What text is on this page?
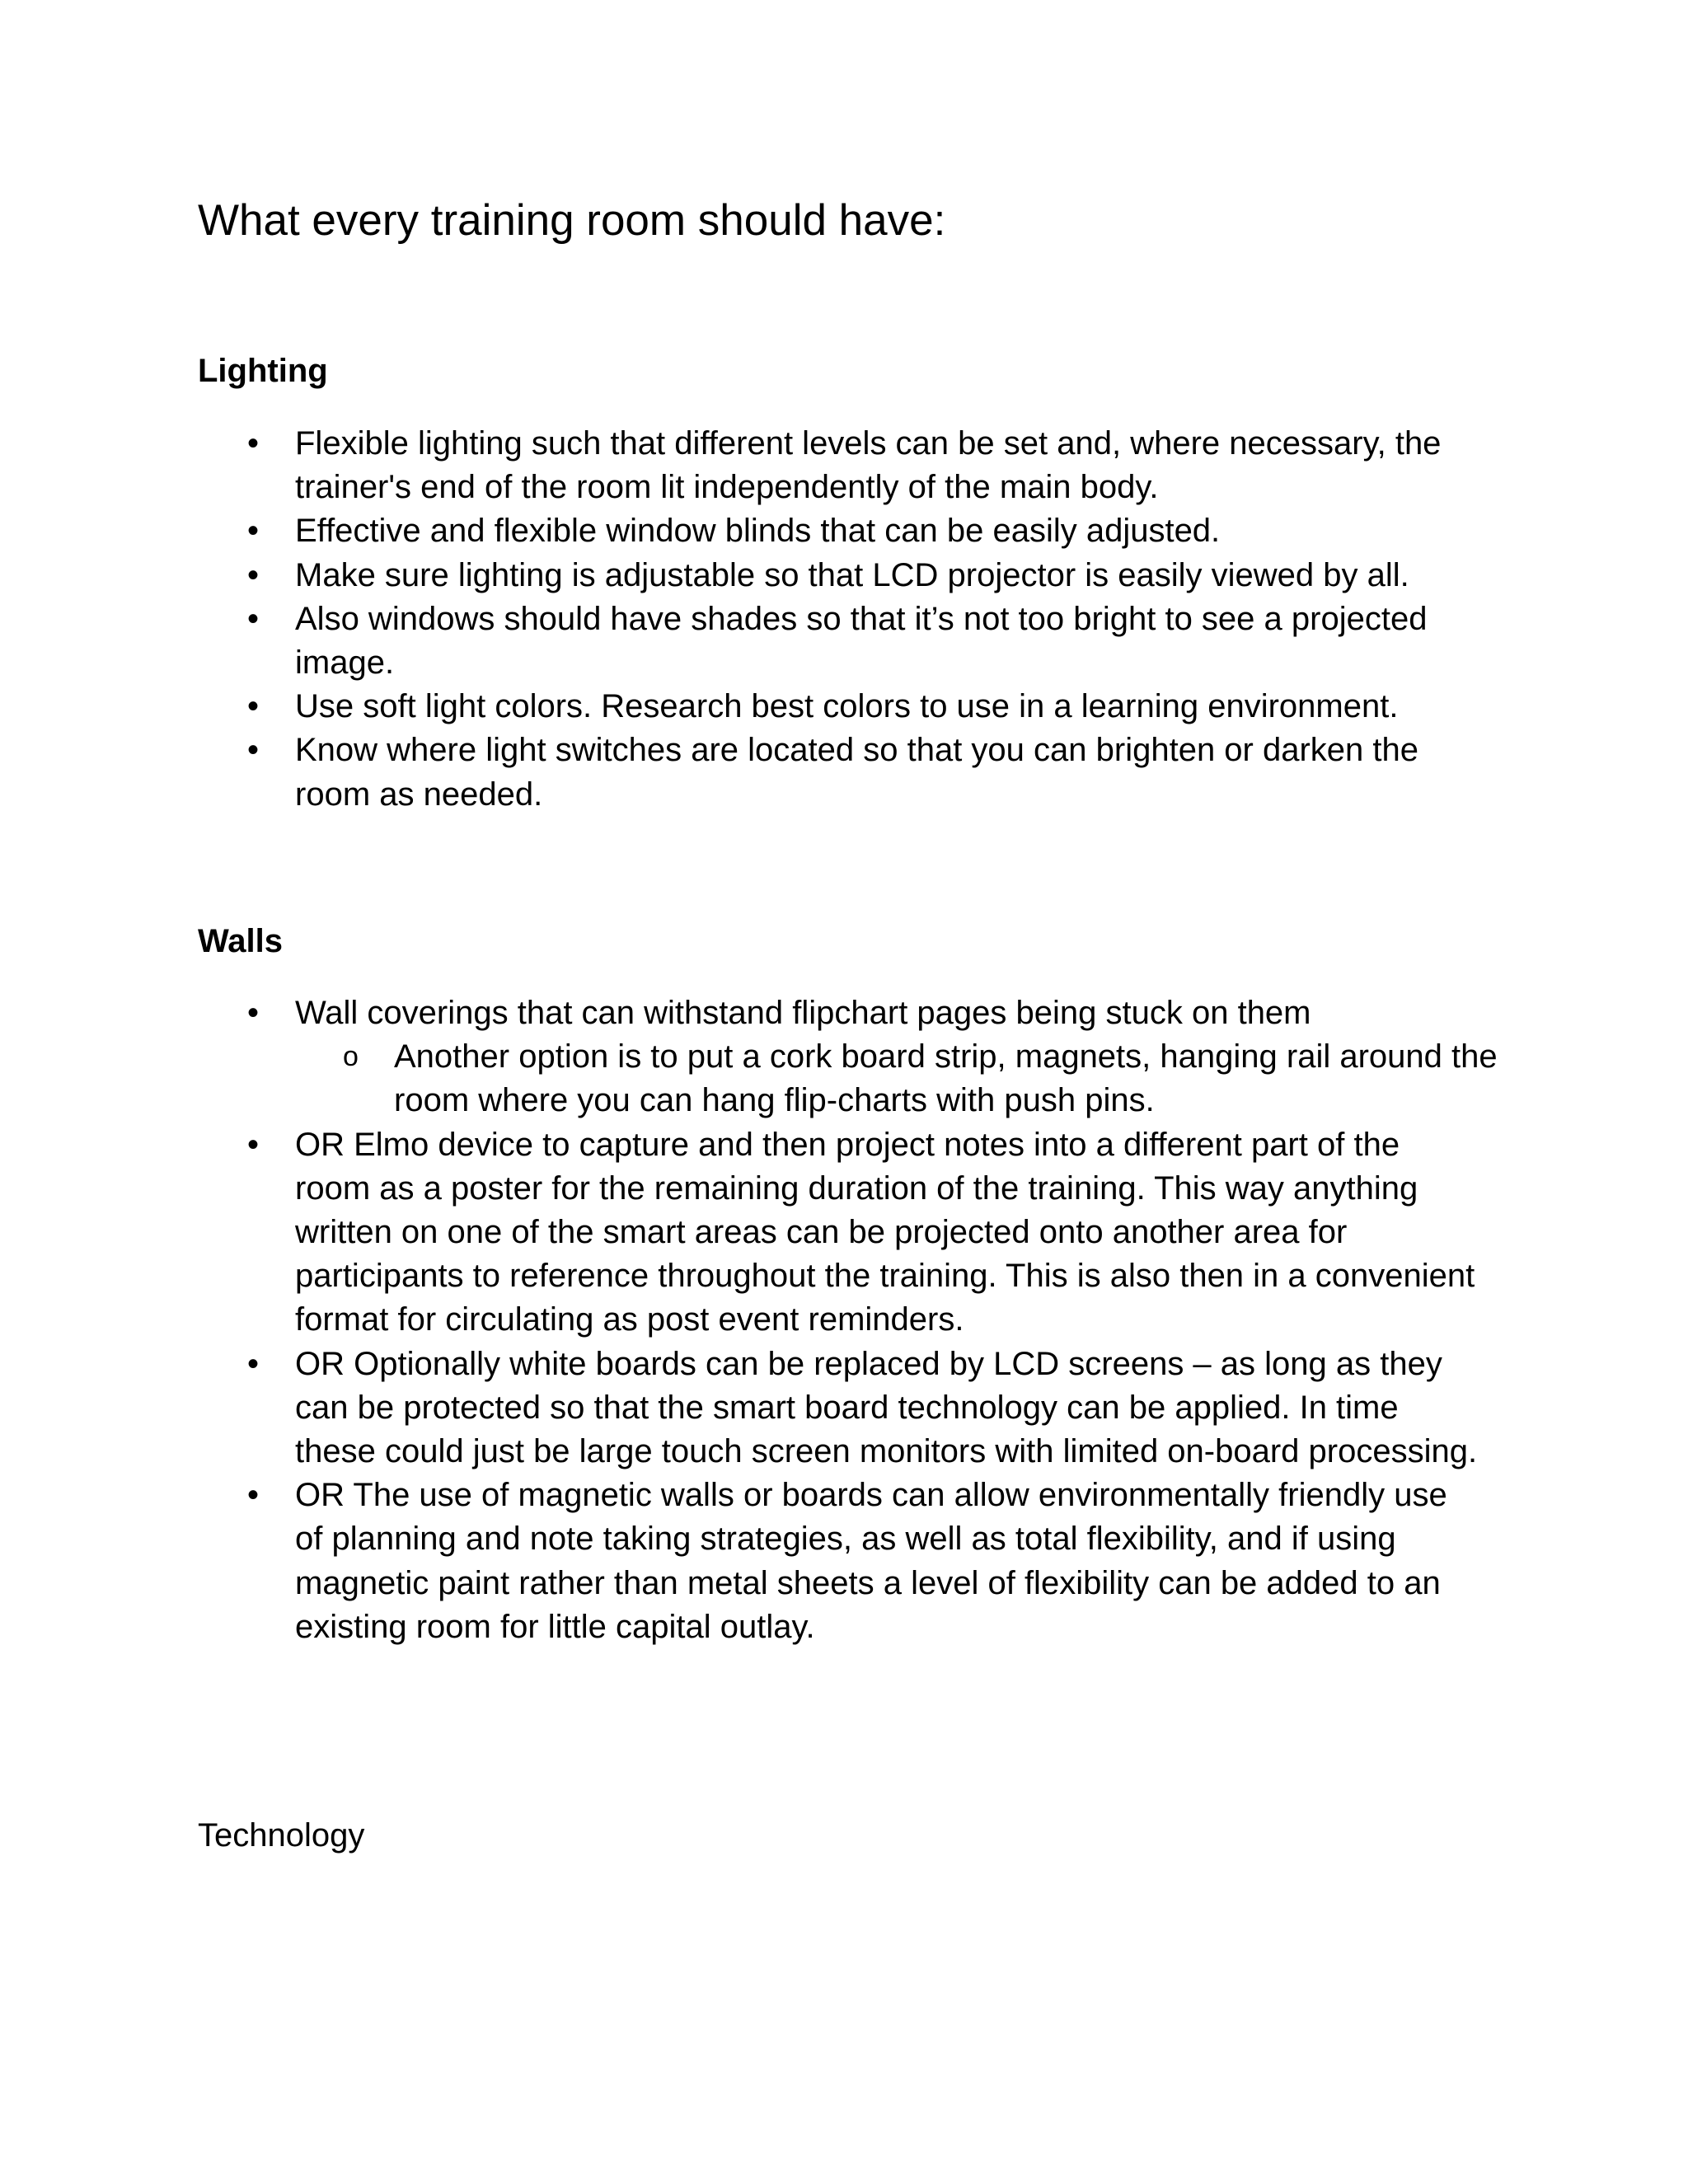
What every training room should have:
Lighting
• Flexible lighting such that different levels can be set and, where necessary, the trainer's end of the room lit independently of the main body.
• Effective and flexible window blinds that can be easily adjusted.
• Make sure lighting is adjustable so that LCD projector is easily viewed by all.
• Also windows should have shades so that it’s not too bright to see a projected image.
• Use soft light colors. Research best colors to use in a learning environment.
• Know where light switches are located so that you can brighten or darken the room as needed.
Walls
• Wall coverings that can withstand flipchart pages being stuck on them
o Another option is to put a cork board strip, magnets, hanging rail around the room where you can hang flip-charts with push pins.
• OR Elmo device to capture and then project notes into a different part of the room as a poster for the remaining duration of the training. This way anything written on one of the smart areas can be projected onto another area for participants to reference throughout the training. This is also then in a convenient format for circulating as post event reminders.
• OR Optionally white boards can be replaced by LCD screens – as long as they can be protected so that the smart board technology can be applied. In time these could just be large touch screen monitors with limited on-board processing.
• OR The use of magnetic walls or boards can allow environmentally friendly use of planning and note taking strategies, as well as total flexibility, and if using magnetic paint rather than metal sheets a level of flexibility can be added to an existing room for little capital outlay.
Technology
